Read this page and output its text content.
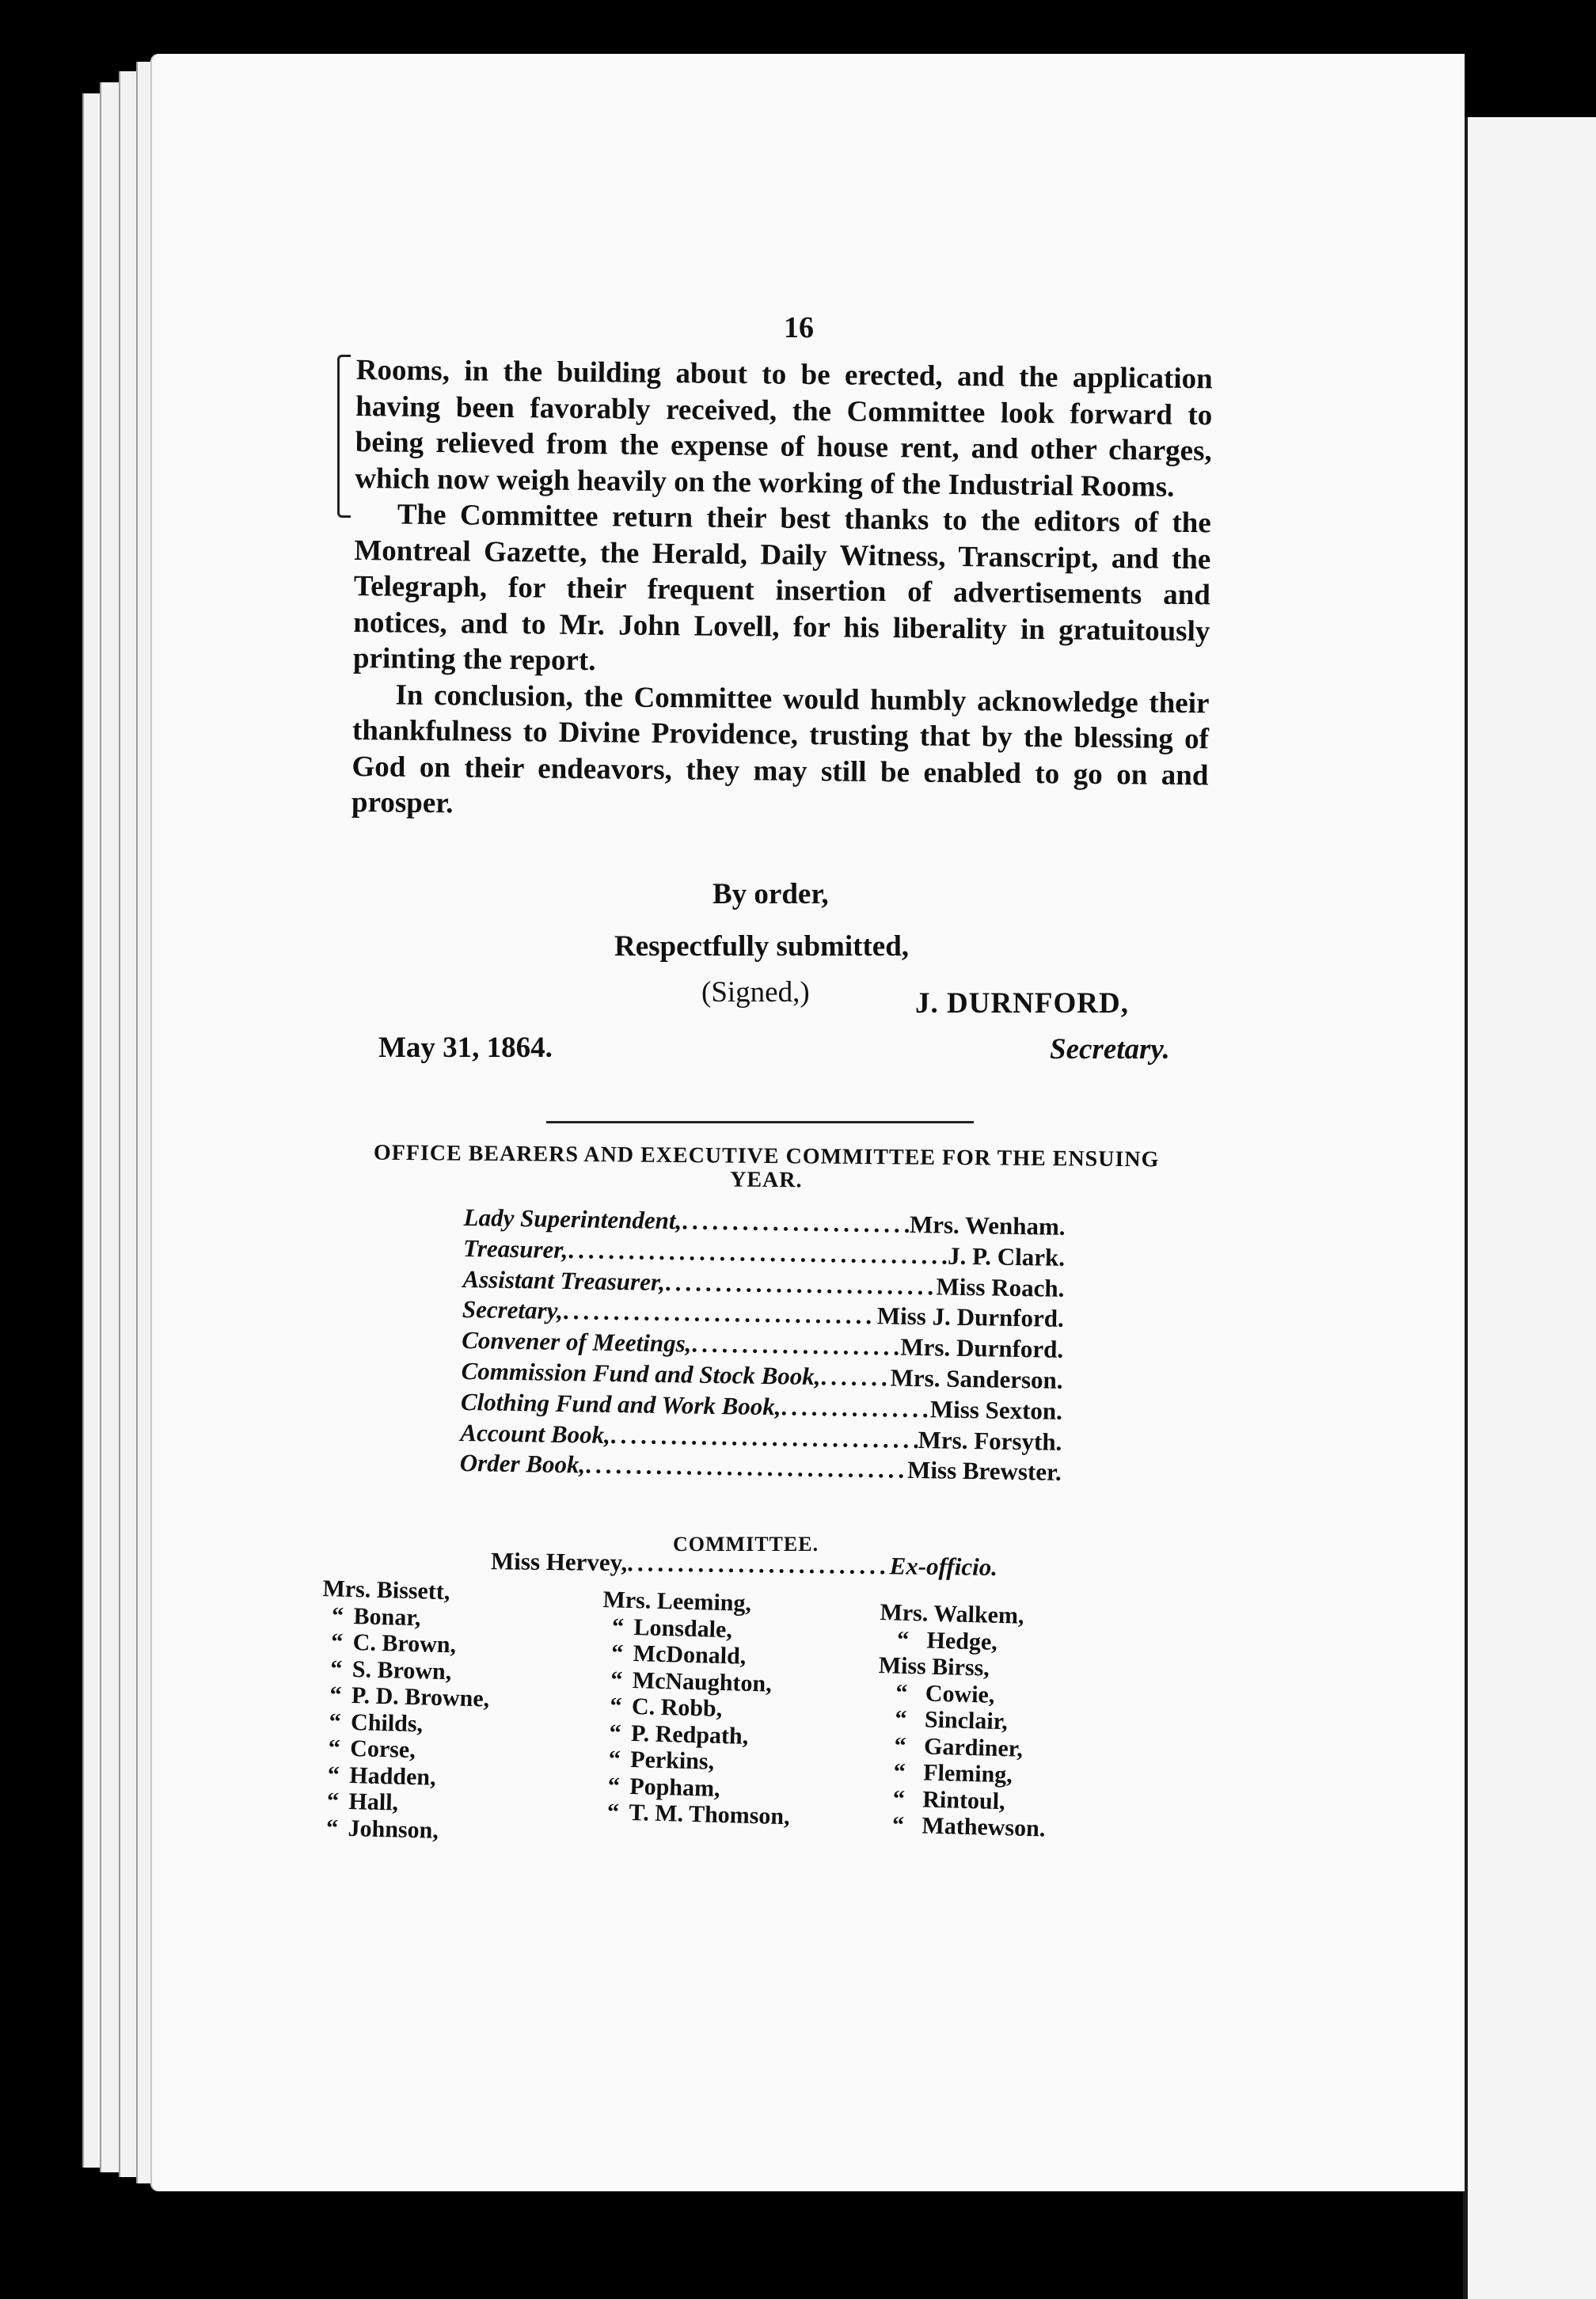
16

Rooms, in the building about to be erected, and the application having been favorably received, the Committee look forward to being relieved from the expense of house rent, and other charges, which now weigh heavily on the working of the Industrial Rooms.

The Committee return their best thanks to the editors of the Montreal Gazette, the Herald, Daily Witness, Transcript, and the Telegraph, for their frequent insertion of advertisements and notices, and to Mr. John Lovell, for his liberality in gratuitously printing the report.

In conclusion, the Committee would humbly acknowledge their thankfulness to Divine Providence, trusting that by the blessing of God on their endeavors, they may still be enabled to go on and prosper.

By order,
Respectfully submitted,
(Signed,)	J. DURNFORD,
May 31, 1864.	Secretary.
OFFICE BEARERS AND EXECUTIVE COMMITTEE FOR THE ENSUING YEAR.
Lady Superintendent, .....	Mrs. Wenham.
Treasurer, .....	J. P. Clark.
Assistant Treasurer, .....	Miss Roach.
Secretary, .....	Miss J. Durnford.
Convener of Meetings, .....	Mrs. Durnford.
Commission Fund and Stock Book, .....	Mrs. Sanderson.
Clothing Fund and Work Book, .....	Miss Sexton.
Account Book, .....	Mrs. Forsyth.
Order Book, .....	Miss Brewster.
COMMITTEE.
Miss Hervey, .....	Ex-officio.
Mrs. Bissett,
“Bonar,
“C. Brown,
“S. Brown,
“P. D. Browne,
“Childs,
“Corse,
“Hadden,
“Hall,
“Johnson,
Mrs. Leeming,
“Lonsdale,
“McDonald,
“McNaughton,
“C. Robb,
“P. Redpath,
“Perkins,
“Popham,
“T. M. Thomson,
Mrs. Walkem,
“Hedge,
Miss Birss,
“Cowie,
“Sinclair,
“Gardiner,
“Fleming,
“Rintoul,
“Mathewson.
